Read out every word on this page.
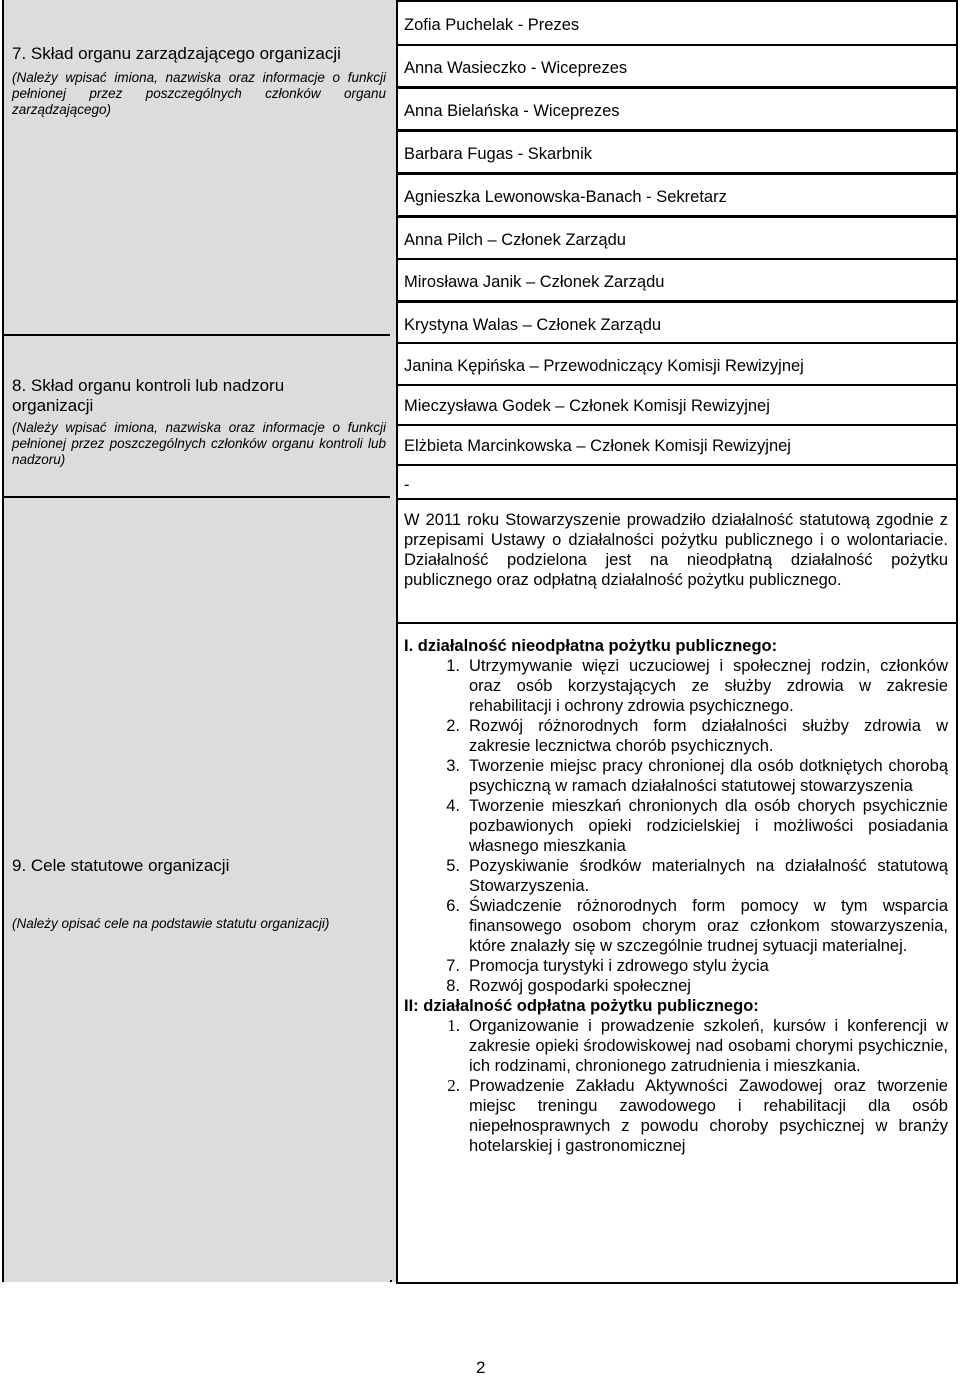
7. Skład organu zarządzającego organizacji
(Należy wpisać imiona, nazwiska oraz informacje o funkcji pełnionej przez poszczególnych członków organu zarządzającego)
8. Skład organu kontroli lub nadzoru organizacji
(Należy wpisać imiona, nazwiska oraz informacje o funkcji pełnionej przez poszczególnych członków organu kontroli lub nadzoru)
9. Cele statutowe organizacji
(Należy opisać cele na podstawie statutu organizacji)
Zofia Puchelak - Prezes
Anna Wasieczko - Wiceprezes
Anna Bielańska - Wiceprezes
Barbara Fugas - Skarbnik
Agnieszka Lewonowska-Banach - Sekretarz
Anna Pilch – Członek Zarządu
Mirosława Janik – Członek Zarządu
Krystyna Walas – Członek Zarządu
Janina Kępińska – Przewodniczący Komisji Rewizyjnej
Mieczysława Godek – Członek Komisji Rewizyjnej
Elżbieta Marcinkowska – Członek Komisji Rewizyjnej
-
W 2011 roku Stowarzyszenie prowadziło działalność statutową zgodnie z przepisami Ustawy o działalności pożytku publicznego i o wolontariacie. Działalność podzielona jest na nieodpłatną działalność pożytku publicznego oraz odpłatną działalność pożytku publicznego.
I. działalność nieodpłatna pożytku publicznego:
1. Utrzymywanie więzi uczuciowej i społecznej rodzin, członków oraz osób korzystających ze służby zdrowia w zakresie rehabilitacji i ochrony zdrowia psychicznego.
2. Rozwój różnorodnych form działalności służby zdrowia w zakresie lecznictwa chorób psychicznych.
3. Tworzenie miejsc pracy chronionej dla osób dotkniętych chorobą psychiczną w ramach działalności statutowej stowarzyszenia
4. Tworzenie mieszkań chronionych dla osób chorych psychicznie pozbawionych opieki rodzicielskiej i możliwości posiadania własnego mieszkania
5. Pozyskiwanie środków materialnych na działalność statutową Stowarzyszenia.
6. Świadczenie różnorodnych form pomocy w tym wsparcia finansowego osobom chorym oraz członkom stowarzyszenia, które znalazły się w szczególnie trudnej sytuacji materialnej.
7. Promocja turystyki i zdrowego stylu życia
8. Rozwój gospodarki społecznej
II: działalność odpłatna pożytku publicznego:
1. Organizowanie i prowadzenie szkoleń, kursów i konferencji w zakresie opieki środowiskowej nad osobami chorymi psychicznie, ich rodzinami, chronionego zatrudnienia i mieszkania.
2. Prowadzenie Zakładu Aktywności Zawodowej oraz tworzenie miejsc treningu zawodowego i rehabilitacji dla osób niepełnosprawnych z powodu choroby psychicznej w branży hotelarskiej i gastronomicznej
2
